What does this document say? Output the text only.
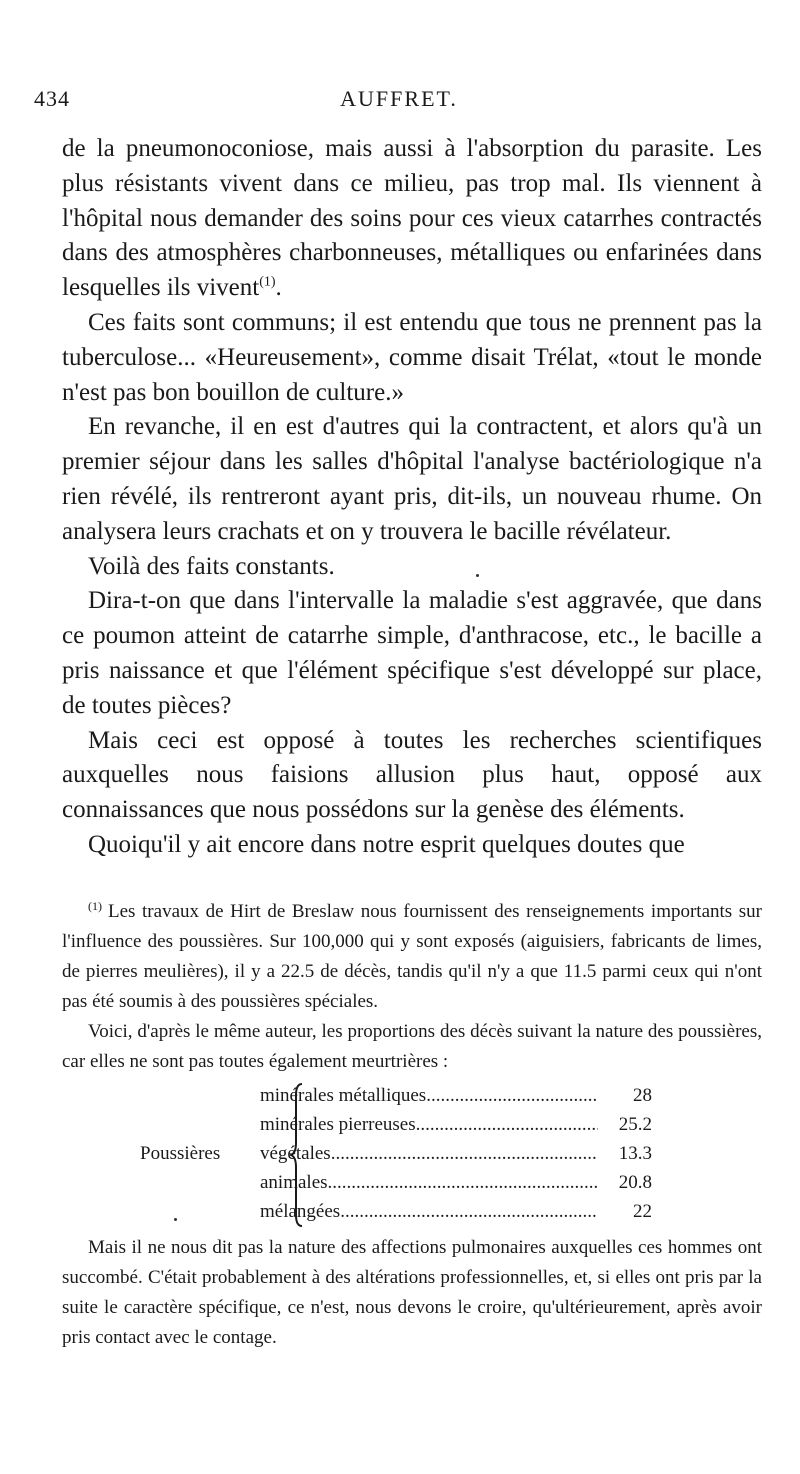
434	AUFFRET.

de la pneumonoconiose, mais aussi à l'absorption du parasite. Les plus résistants vivent dans ce milieu, pas trop mal. Ils viennent à l'hôpital nous demander des soins pour ces vieux catarrhes contractés dans des atmosphères charbonneuses, métalliques ou enfarinées dans lesquelles ils vivent$^{(1)}$.

Ces faits sont communs; il est entendu que tous ne prennent pas la tuberculose... «Heureusement», comme disait Trélat, «tout le monde n'est pas bon bouillon de culture.»

En revanche, il en est d'autres qui la contractent, et alors qu'à un premier séjour dans les salles d'hôpital l'analyse bactériologique n'a rien révélé, ils rentreront ayant pris, dit-ils, un nouveau rhume. On analysera leurs crachats et on y trouvera le bacille révélateur.

Voilà des faits constants.

Dira-t-on que dans l'intervalle la maladie s'est aggravée, que dans ce poumon atteint de catarrhe simple, d'anthracose, etc., le bacille a pris naissance et que l'élément spécifique s'est développé sur place, de toutes pièces?

Mais ceci est opposé à toutes les recherches scientifiques auxquelles nous faisions allusion plus haut, opposé aux connaissances que nous possédons sur la genèse des éléments.

Quoiqu'il y ait encore dans notre esprit quelques doutes que

$^{(1)}$ Les travaux de Hirt de Breslaw nous fournissent des renseignements importants sur l'influence des poussières. Sur 100,000 qui y sont exposés (aiguisiers, fabricants de limes, de pierres meulières), il y a 22.5 de décès, tandis qu'il n'y a que 11.5 parmi ceux qui n'ont pas été soumis à des poussières spéciales.

Voici, d'après le même auteur, les proportions des décès suivant la nature des poussières, car elles ne sont pas toutes également meurtrières :

Poussières
minérales métalliques .....	28
minérales pierreuses .....	25.2
végétales .....	13.3
animales .....	20.8
mélangées .....	22

Mais il ne nous dit pas la nature des affections pulmonaires auxquelles ces hommes ont succombé. C'était probablement à des altérations professionnelles, et, si elles ont pris par la suite le caractère spécifique, ce n'est, nous devons le croire, qu'ultérieurement, après avoir pris contact avec le contage.
